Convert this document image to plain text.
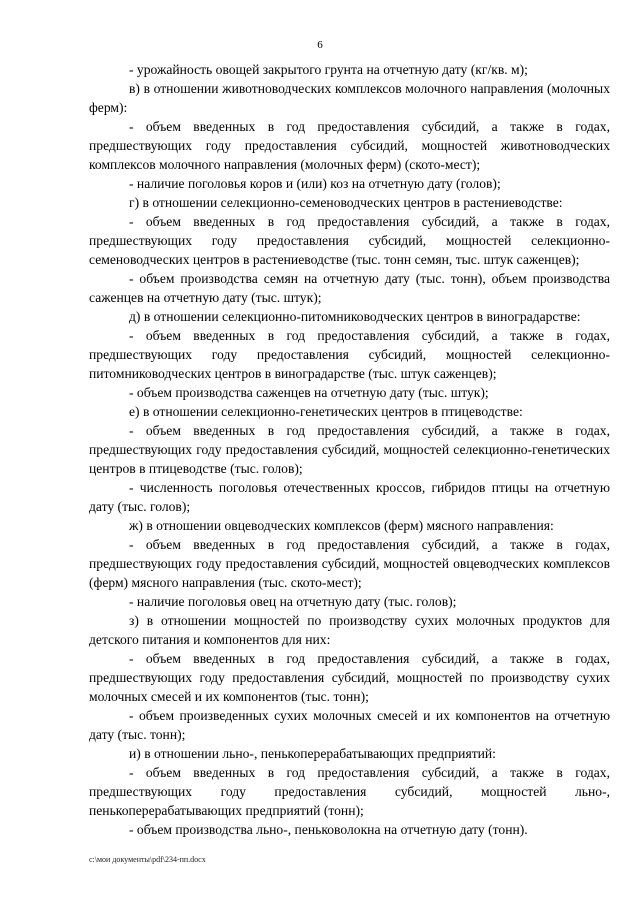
6

- урожайность овощей закрытого грунта на отчетную дату (кг/кв. м);

в) в отношении животноводческих комплексов молочного направления (молочных ферм):

- объем введенных в год предоставления субсидий, а также в годах, предшествующих году предоставления субсидий, мощностей животноводческих комплексов молочного направления (молочных ферм) (ското-мест);

- наличие поголовья коров и (или) коз на отчетную дату (голов);

г) в отношении селекционно-семеноводческих центров в растениеводстве:

- объем введенных в год предоставления субсидий, а также в годах, предшествующих году предоставления субсидий, мощностей селекционно-семеноводческих центров в растениеводстве (тыс. тонн семян, тыс. штук саженцев);

- объем производства семян на отчетную дату (тыс. тонн), объем производства саженцев на отчетную дату (тыс. штук);

д) в отношении селекционно-питомниководческих центров в виноградарстве:

- объем введенных в год предоставления субсидий, а также в годах, предшествующих году предоставления субсидий, мощностей селекционно-питомниководческих центров в виноградарстве (тыс. штук саженцев);

- объем производства саженцев на отчетную дату (тыс. штук);

е) в отношении селекционно-генетических центров в птицеводстве:

- объем введенных в год предоставления субсидий, а также в годах, предшествующих году предоставления субсидий, мощностей селекционно-генетических центров в птицеводстве (тыс. голов);

- численность поголовья отечественных кроссов, гибридов птицы на отчетную дату (тыс. голов);

ж) в отношении овцеводческих комплексов (ферм) мясного направления:

- объем введенных в год предоставления субсидий, а также в годах, предшествующих году предоставления субсидий, мощностей овцеводческих комплексов (ферм) мясного направления (тыс. ското-мест);

- наличие поголовья овец на отчетную дату (тыс. голов);

з) в отношении мощностей по производству сухих молочных продуктов для детского питания и компонентов для них:

- объем введенных в год предоставления субсидий, а также в годах, предшествующих году предоставления субсидий, мощностей по производству сухих молочных смесей и их компонентов (тыс. тонн);

- объем произведенных сухих молочных смесей и их компонентов на отчетную дату (тыс. тонн);

и) в отношении льно-, пенькоперерабатывающих предприятий:

- объем введенных в год предоставления субсидий, а также в годах, предшествующих году предоставления субсидий, мощностей льно-, пенькоперерабатывающих предприятий (тонн);

- объем производства льно-, пеньковолокна на отчетную дату (тонн).

c:\мои документы\pdf\234-пп.docx
